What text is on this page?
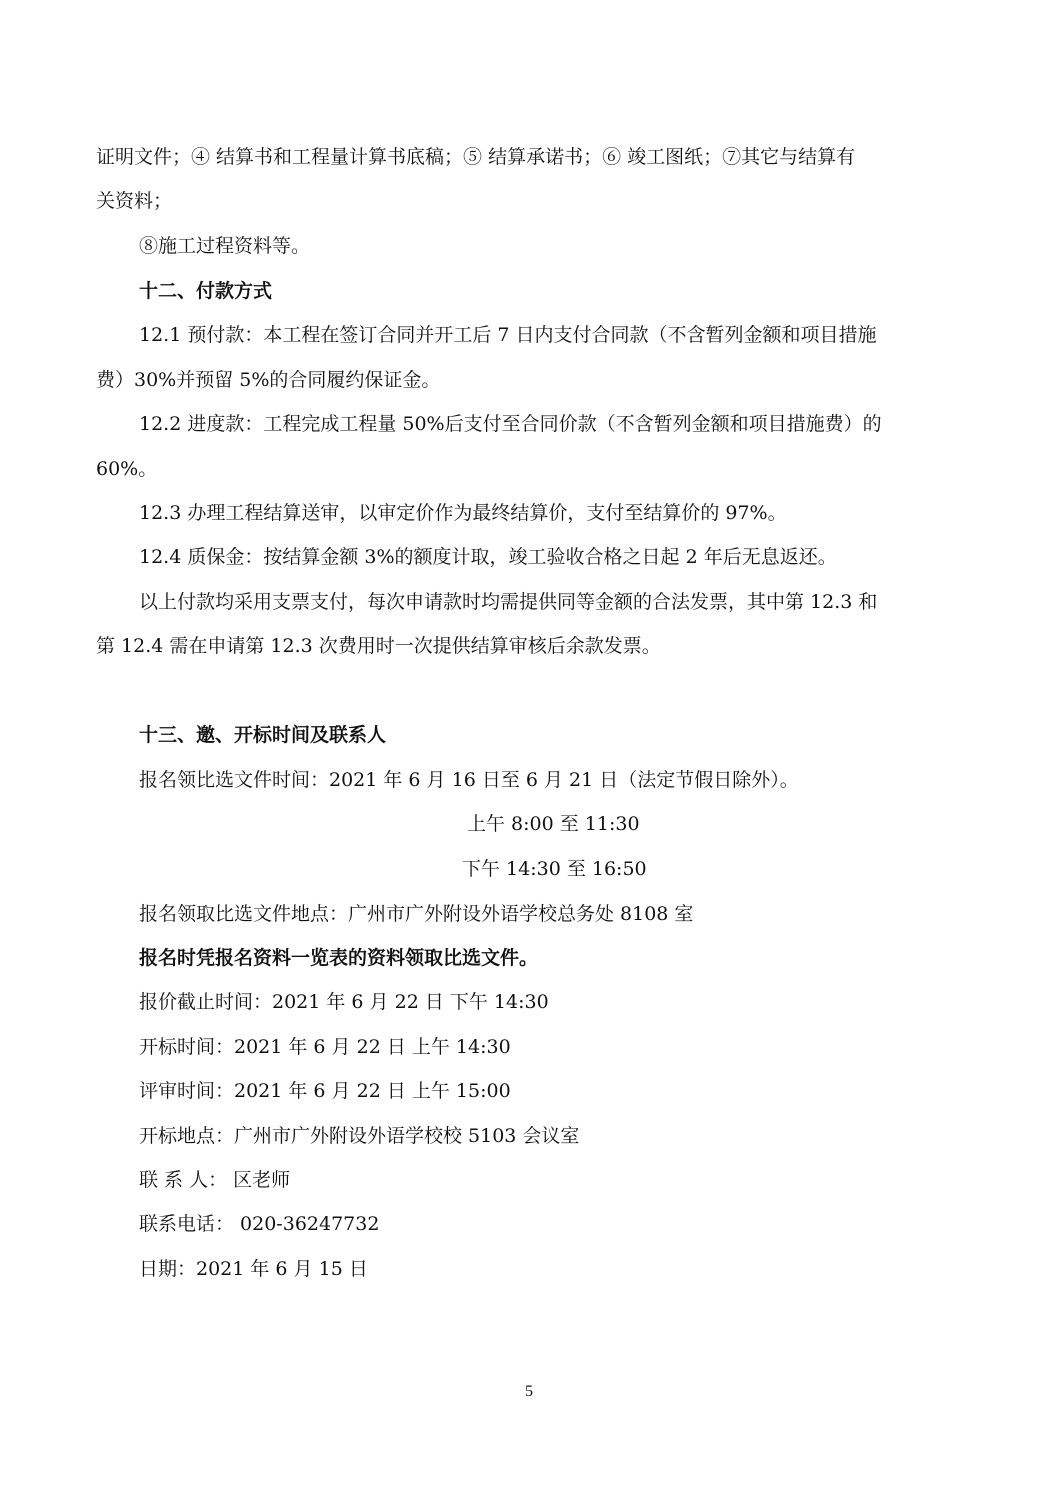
证明文件；④ 结算书和工程量计算书底稿；⑤ 结算承诺书；⑥ 竣工图纸；⑦其它与结算有
关资料；
⑧施工过程资料等。
十二、付款方式
12.1 预付款：本工程在签订合同并开工后 7 日内支付合同款（不含暂列金额和项目措施
费）30%并预留 5%的合同履约保证金。
12.2 进度款：工程完成工程量 50%后支付至合同价款（不含暂列金额和项目措施费）的
60%。
12.3 办理工程结算送审，以审定价作为最终结算价，支付至结算价的 97%。
12.4 质保金：按结算金额 3%的额度计取，竣工验收合格之日起 2 年后无息返还。
以上付款均采用支票支付，每次申请款时均需提供同等金额的合法发票，其中第 12.3 和
第 12.4 需在申请第 12.3 次费用时一次提供结算审核后余款发票。
十三、邀、开标时间及联系人
报名领比选文件时间：2021 年 6 月 16 日至 6 月 21 日（法定节假日除外）。
上午 8:00 至 11:30
下午 14:30 至 16:50
报名领取比选文件地点：广州市广外附设外语学校总务处 8108 室
报名时凭报名资料一览表的资料领取比选文件。
报价截止时间：2021 年 6 月 22 日 下午 14:30
开标时间：2021 年 6 月 22 日 上午 14:30
评审时间：2021 年 6 月 22 日 上午 15:00
开标地点：广州市广外附设外语学校校 5103 会议室
联 系 人： 区老师
联系电话： 020-36247732
日期：2021 年 6 月 15 日
5
